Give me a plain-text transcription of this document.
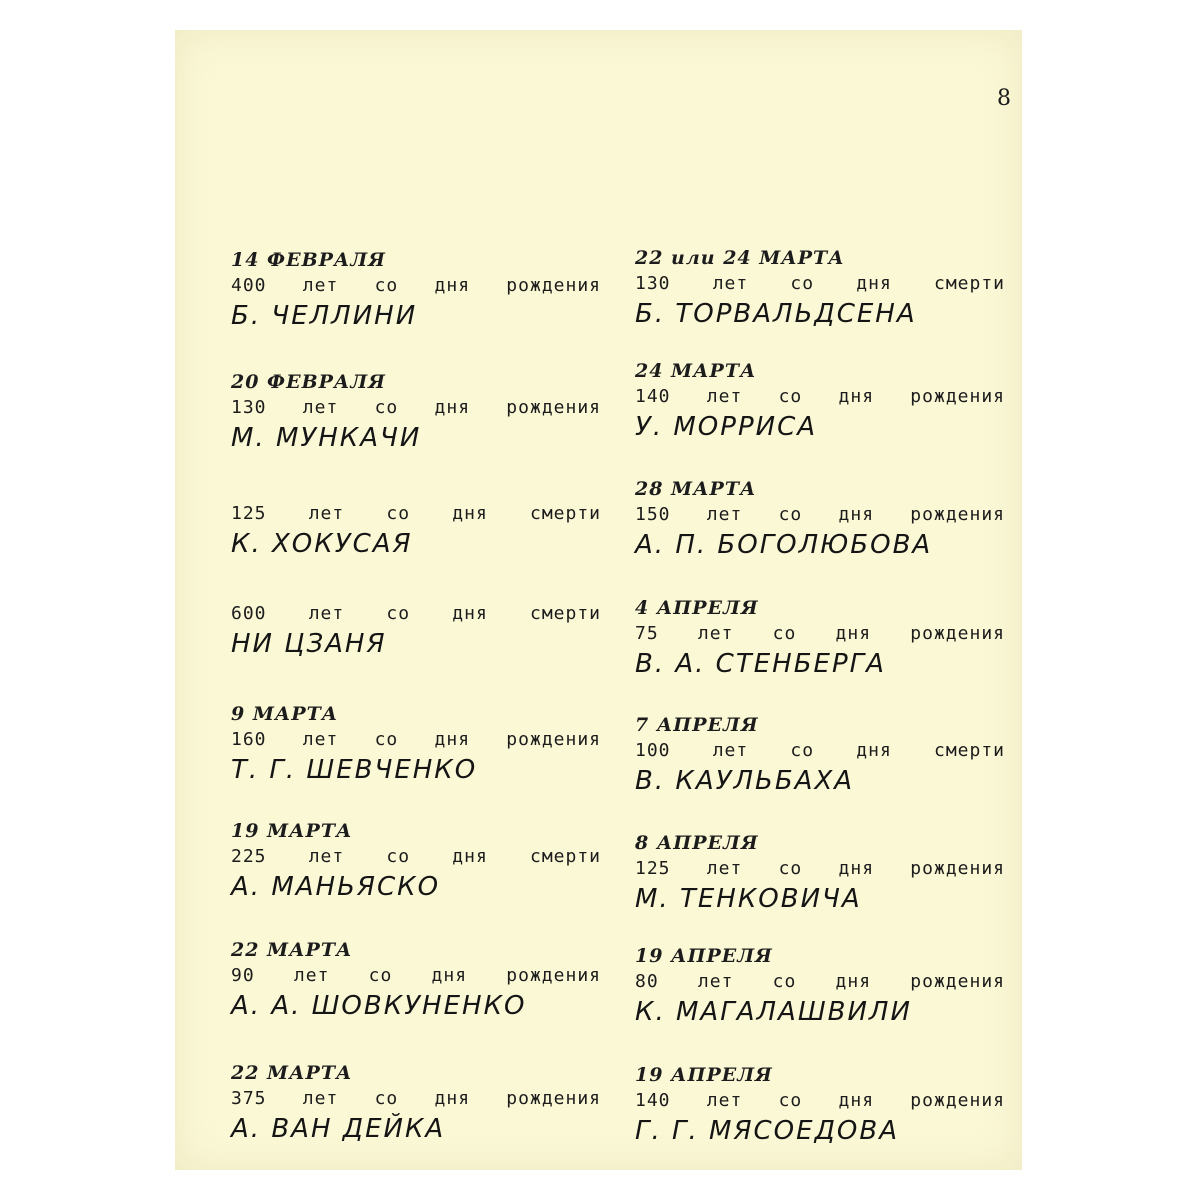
8
14 ФЕВРАЛЯ
400 лет со дня рождения
Б. ЧЕЛЛИНИ
20 ФЕВРАЛЯ
130 лет со дня рождения
М. МУНКАЧИ
125 лет со дня смерти
К. ХОКУСАЯ
600 лет со дня смерти
НИ ЦЗАНЯ
9 МАРТА
160 лет со дня рождения
Т. Г. ШЕВЧЕНКО
19 МАРТА
225 лет со дня смерти
А. МАНЬЯСКО
22 МАРТА
90 лет со дня рождения
А. А. ШОВКУНЕНКО
22 МАРТА
375 лет со дня рождения
А. ВАН ДЕЙКА
22 или 24 МАРТА
130 лет со дня смерти
Б. ТОРВАЛЬДСЕНА
24 МАРТА
140 лет со дня рождения
У. МОРРИСА
28 МАРТА
150 лет со дня рождения
А. П. БОГОЛЮБОВА
4 АПРЕЛЯ
75 лет со дня рождения
В. А. СТЕНБЕРГА
7 АПРЕЛЯ
100 лет со дня смерти
В. КАУЛЬБАХА
8 АПРЕЛЯ
125 лет со дня рождения
М. ТЕНКОВИЧА
19 АПРЕЛЯ
80 лет со дня рождения
К. МАГАЛАШВИЛИ
19 АПРЕЛЯ
140 лет со дня рождения
Г. Г. МЯСОЕДОВА
